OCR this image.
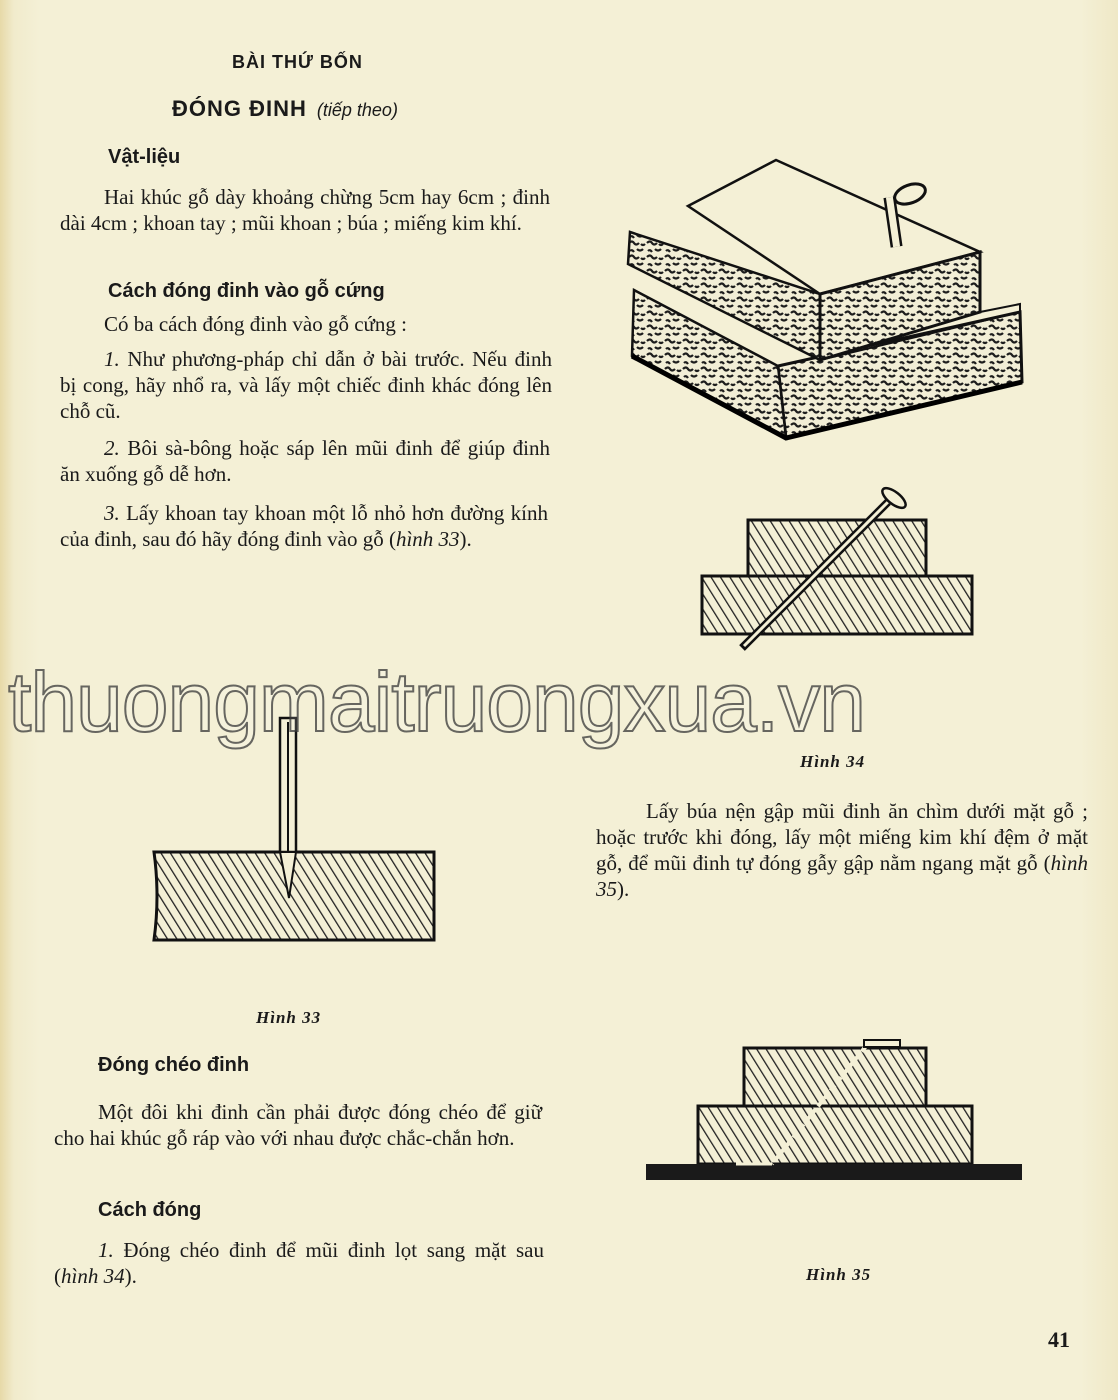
BÀI THỨ BỐN
ĐÓNG ĐINH (tiếp theo)
Vật-liệu
Hai khúc gỗ dày khoảng chừng 5cm hay 6cm ; đinh dài 4cm ; khoan tay ; mũi khoan ; búa ; miếng kim khí.
Cách đóng đinh vào gỗ cứng
Có ba cách đóng đinh vào gỗ cứng :
1. Như phương-pháp chỉ dẫn ở bài trước. Nếu đinh bị cong, hãy nhổ ra, và lấy một chiếc đinh khác đóng lên chỗ cũ.
2. Bôi sà-bông hoặc sáp lên mũi đinh để giúp đinh ăn xuống gỗ dễ hơn.
3. Lấy khoan tay khoan một lỗ nhỏ hơn đường kính của đinh, sau đó hãy đóng đinh vào gỗ (hình 33).
Hình 33
Đóng chéo đinh
Một đôi khi đinh cần phải được đóng chéo để giữ cho hai khúc gỗ ráp vào với nhau được chắc-chắn hơn.
Cách đóng
1. Đóng chéo đinh để mũi đinh lọt sang mặt sau (hình 34).
Hình 34
Lấy búa nện gập mũi đinh ăn chìm dưới mặt gỗ ; hoặc trước khi đóng, lấy một miếng kim khí đệm ở mặt gỗ, để mũi đinh tự đóng gẫy gập nằm ngang mặt gỗ (hình 35).
Hình 35
41
thuongmaitruongxua.vn
